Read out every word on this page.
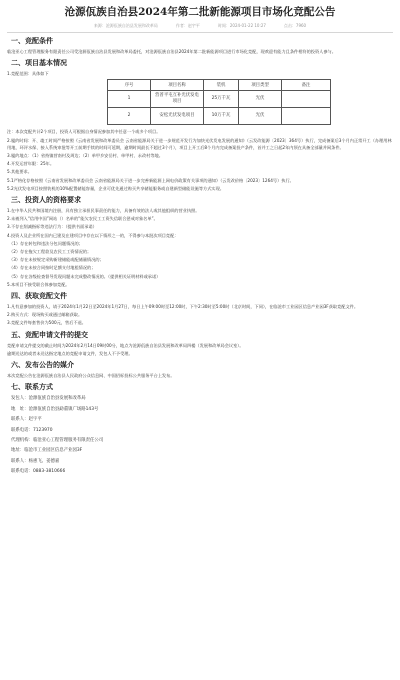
沧源佤族自治县2024年第二批新能源项目市场化竞配公告
来源：沧源佤族自治县发展和改革局	作者：赵宇平	时间：2024-01-22 10:27	点击：7960
一、竞配条件

临沧亚心工程管理服务有限责任公司受沧源佤族自治县发展和改革局委托，对沧源佤族自治县2024年第二批新能源项目进行市场化竞配，现欢迎有能力且条件相符的投资人参与。

二、项目基本情况

1.竞配范围：具体如下

序号	项目名称	装机	项目类型	备注
1	营普平屯互补光伏发电项目	25万千瓦	光伏	
2	安松光伏发电项目	10万千瓦	光伏	

注：本次竞配共计2个项目，投资人可根据自身情况参加其中任意一个或多个项目。

2.履约时间：开、竣工时间严格按照《云南省发展和改革委员会 云南省能源局关于进一步规范开发行为加快光伏发电发展的通知》（云发改能源〔2023〕364号）执行，完成备案后3个月内正常开工（办理用林用地、环评水保、接入系统审批等开工前期手续的时间可延期，逾期时间最长不超过3个月），项目上开工后8个月内完成备案投产条件，首并工之日起2年内须在具备全部量并网条件。

3.履约地点：（1）省持镇营南村及周边；（2）单甲乡安岳村、单甲村、永改村等地。

4.开发运营年限：25年。

5.其他要求。

5.1严格化存格按照《云南省发展和改革委员会 云南省能源局关于进一步完善新能源上网电价政策有关事项的通知》（云发改价格〔2023〕1264号）执行。

5.2光伏发电项目按照装机的10%配置储能容量，企业可优先通过购买共享储能服务或自建新型储能设施等方式实现。

三、投资人的资格要求

1.在中华人民共和国境内注册，具有独立承担民事责任的能力，具备有效的法人或其他组织的营业执照。

2.未被列入“信用中国”网站（）名单的“能欠农民工工资失信联合惩戒对象名单”。

3.不存在削减指标等违法行为：（提供书面承诺）

4.投资人及企业所在国内已建及在建项目中存在以下情形之一的，不得参与本批次项目竞配：

（1）存在转包和违法分包问题情况的；

（2）存在拖欠工程款及农民工工资情况的；

（3）存在未按规定采购新建储能或配储量情况的；

（4）存在未按合同按时足额支付地租情况的；

（5）存在各级检查督导发现问题未完成整改情况的。（提供相关证明材料或承诺）

5.本项目不接受联合体参加竞配。

四、获取竞配文件

1.凡有意参加的投资人，请于2024年1月22日至2024年1月27日，每日上午09:00时至12:00时，下午2:30时至5:00时（北京时间，下同），在临沧市工业园区信息产业园3F获取竞配文件。

2.购买方式：现场购买或通过邮箱获取。

3.竞配文件每套售价为500元，售后不退。

五、竞配申请文件的提交

竞配申请文件提交的截止时间为2024年2月14日09时00分，地点为沧源佤族自治县发展和改革局四楼（发展和改革局会议室）。

逾期送达的或者未送达指定地点的竞配申请文件，发包人不予受理。

六、发布公告的媒介

本次竞配公告在沧源佤族自治县人民政府公众信息网、中国招标投标公共服务平台上发布。

七、联系方式

发包人：沧源佤族自治县发展和改革局

地　址：沧源佤族自治县勐董镇广场路143号

联系人：赵宇平

联系电话：7123970

代理机构：临沧亚心工程管理服务有限责任公司

地址：临沧市工业园区信息产业园3F

联系人：杨惠飞、姜德嘉

联系电话：0883-3810666
